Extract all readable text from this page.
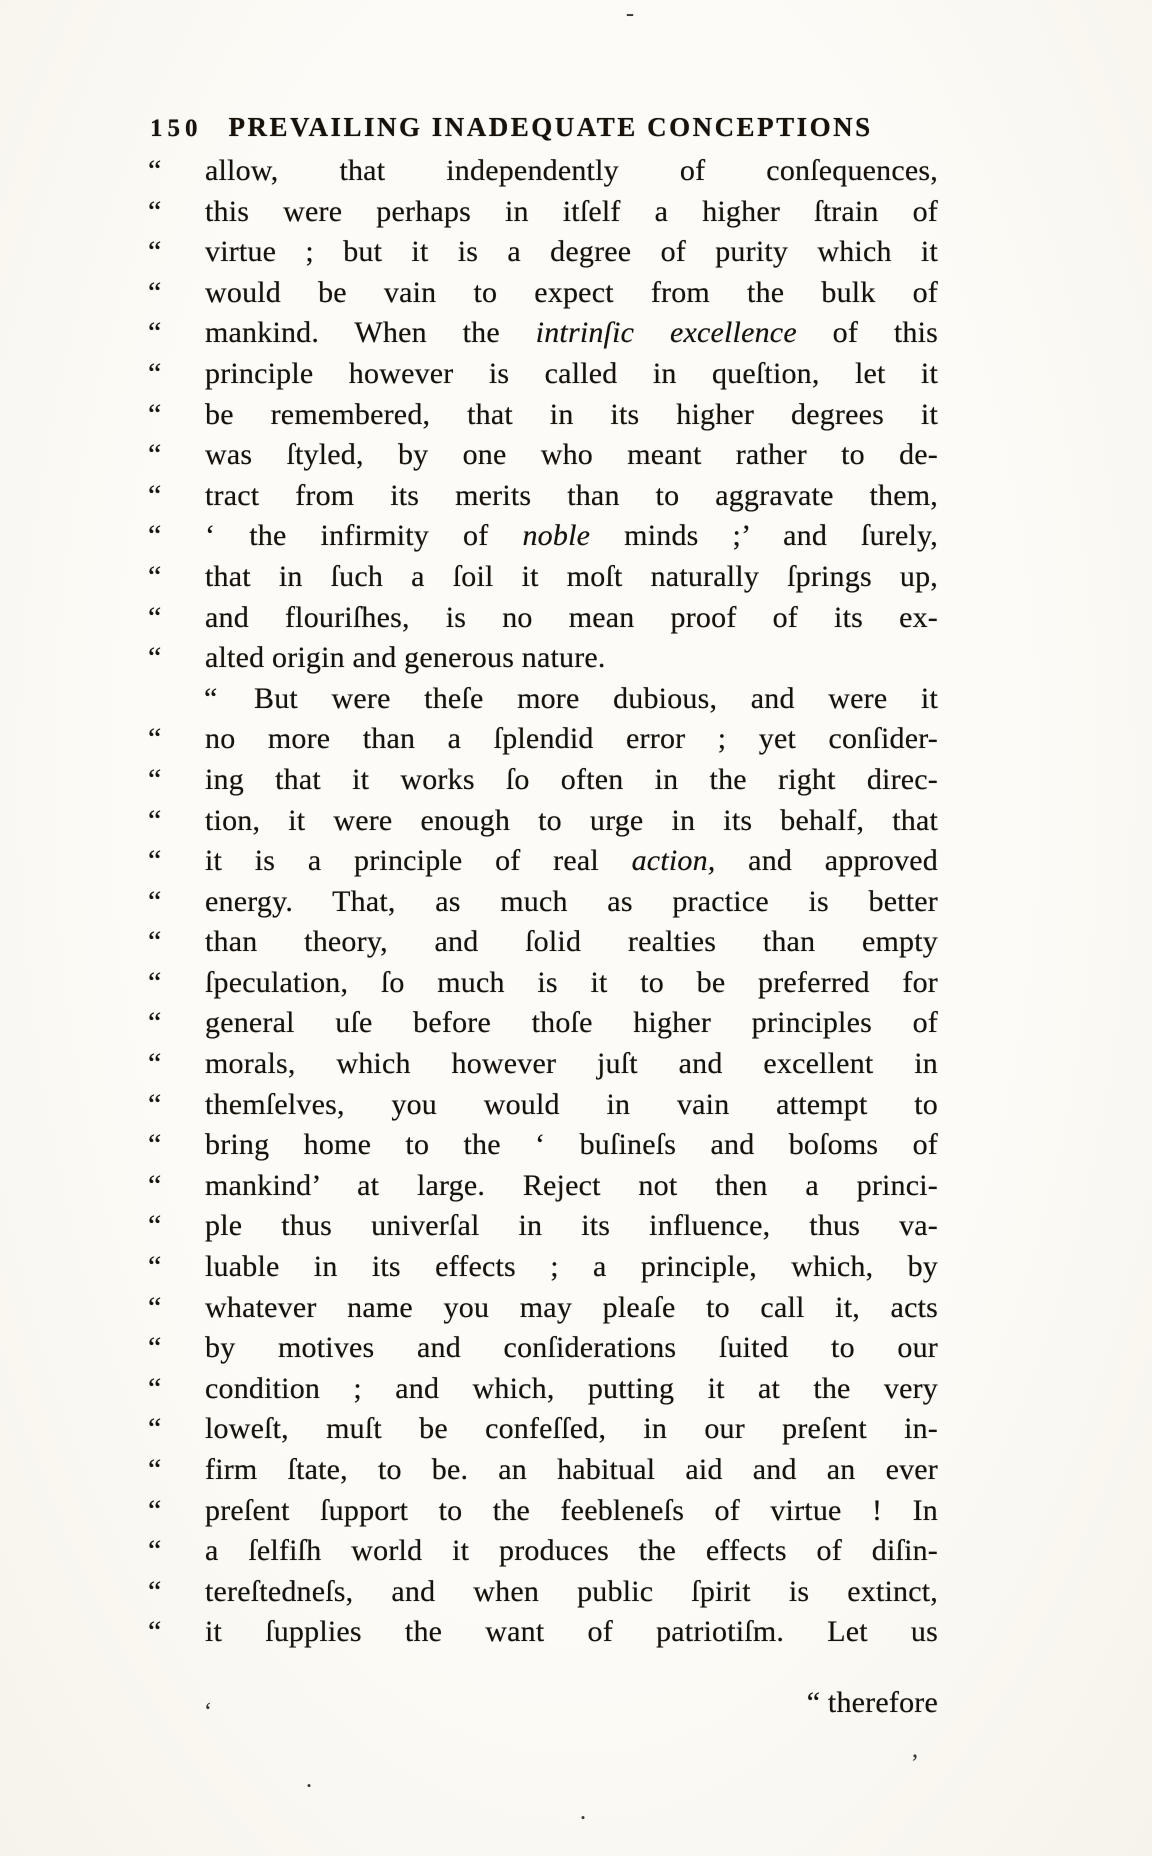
150 PREVAILING INADEQUATE CONCEPTIONS
“	allow, that independently of conſequences,
“	this were perhaps in itſelf a higher ſtrain of
“	virtue ; but it is a degree of purity which it
“	would be vain to expect from the bulk of
“	mankind. When the intrinſic excellence of this
“	principle however is called in queſtion, let it
“	be remembered, that in its higher degrees it
“	was ſtyled, by one who meant rather to de-
“	tract from its merits than to aggravate them,
“	‘ the infirmity of noble minds ;’ and ſurely,
“	that in ſuch a ſoil it moſt naturally ſprings up,
“	and flouriſhes, is no mean proof of its ex-
“	alted origin and generous nature.
“	But were theſe more dubious, and were it
“	no more than a ſplendid error ; yet conſider-
“	ing that it works ſo often in the right direc-
“	tion, it were enough to urge in its behalf, that
“	it is a principle of real action, and approved
“	energy. That, as much as practice is better
“	than theory, and ſolid realties than empty
“	ſpeculation, ſo much is it to be preferred for
“	general uſe before thoſe higher principles of
“	morals, which however juſt and excellent in
“	themſelves, you would in vain attempt to
“	bring home to the ‘ buſineſs and boſoms of
“	mankind’ at large. Reject not then a princi-
“	ple thus univerſal in its influence, thus va-
“	luable in its effects ; a principle, which, by
“	whatever name you may pleaſe to call it, acts
“	by motives and conſiderations ſuited to our
“	condition ; and which, putting it at the very
“	loweſt, muſt be confeſſed, in our preſent in-
“	firm ſtate, to be. an habitual aid and an ever
“	preſent ſupport to the feebleneſs of virtue ! In
“	a ſelfiſh world it produces the effects of diſin-
“	tereſtedneſs, and when public ſpirit is extinct,
“	it ſupplies the want of patriotiſm. Let us
“ therefore
-
‘
.
,
.
